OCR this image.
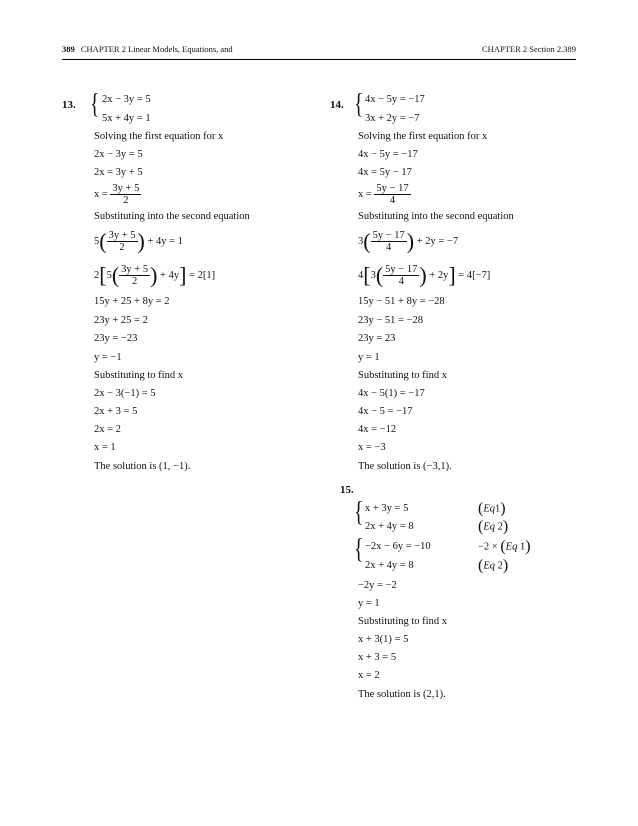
389 CHAPTER 2 Linear Models, Equations, and	CHAPTER 2 Section 2.389
13. { 2x − 3y = 5
5x + 4y = 1
Solving the first equation for x
2x − 3y = 5
2x = 3y + 5
$x = \frac{3y + 5}{2}$
Substituting into the second equation
$5( \frac{3y + 5}{2}$ ) + 4y = 1
$2[5( \frac{3y + 5}{2}$ ) + 4y] = 2[1]
15y + 25 + 8y = 2
23y + 25 = 2
23y = −23
y = −1
Substituting to find x
2x − 3(−1) = 5
2x + 3 = 5
2x = 2
x = 1
The solution is (1, −1).
14. { 4x − 5y = −17
3x + 2y = −7
Solving the first equation for x
4x − 5y = −17
4x = 5y − 17
$x = \frac{5y - 17}{4}$
Substituting into the second equation
$3( \frac{5y - 17}{4}$ ) + 2y = −7
$4[3( \frac{5y - 17}{4}$ ) + 2y] = 4[−7]
15y − 51 + 8y = −28
23y − 51 = −28
23y = 23
y = 1
Substituting to find x
4x − 5(1) = −17
4x − 5 = −17
4x = −12
x = −3
The solution is (−3,1).
15.
{ x + 3y = 5	(Eq1)
2x + 4y = 8	(Eq 2)
{ −2x − 6y = −10	−2 × (Eq 1)
2x + 4y = 8	(Eq 2)
−2y = −2
y = 1
Substituting to find x
x + 3(1) = 5
x + 3 = 5
x = 2
The solution is (2,1).
